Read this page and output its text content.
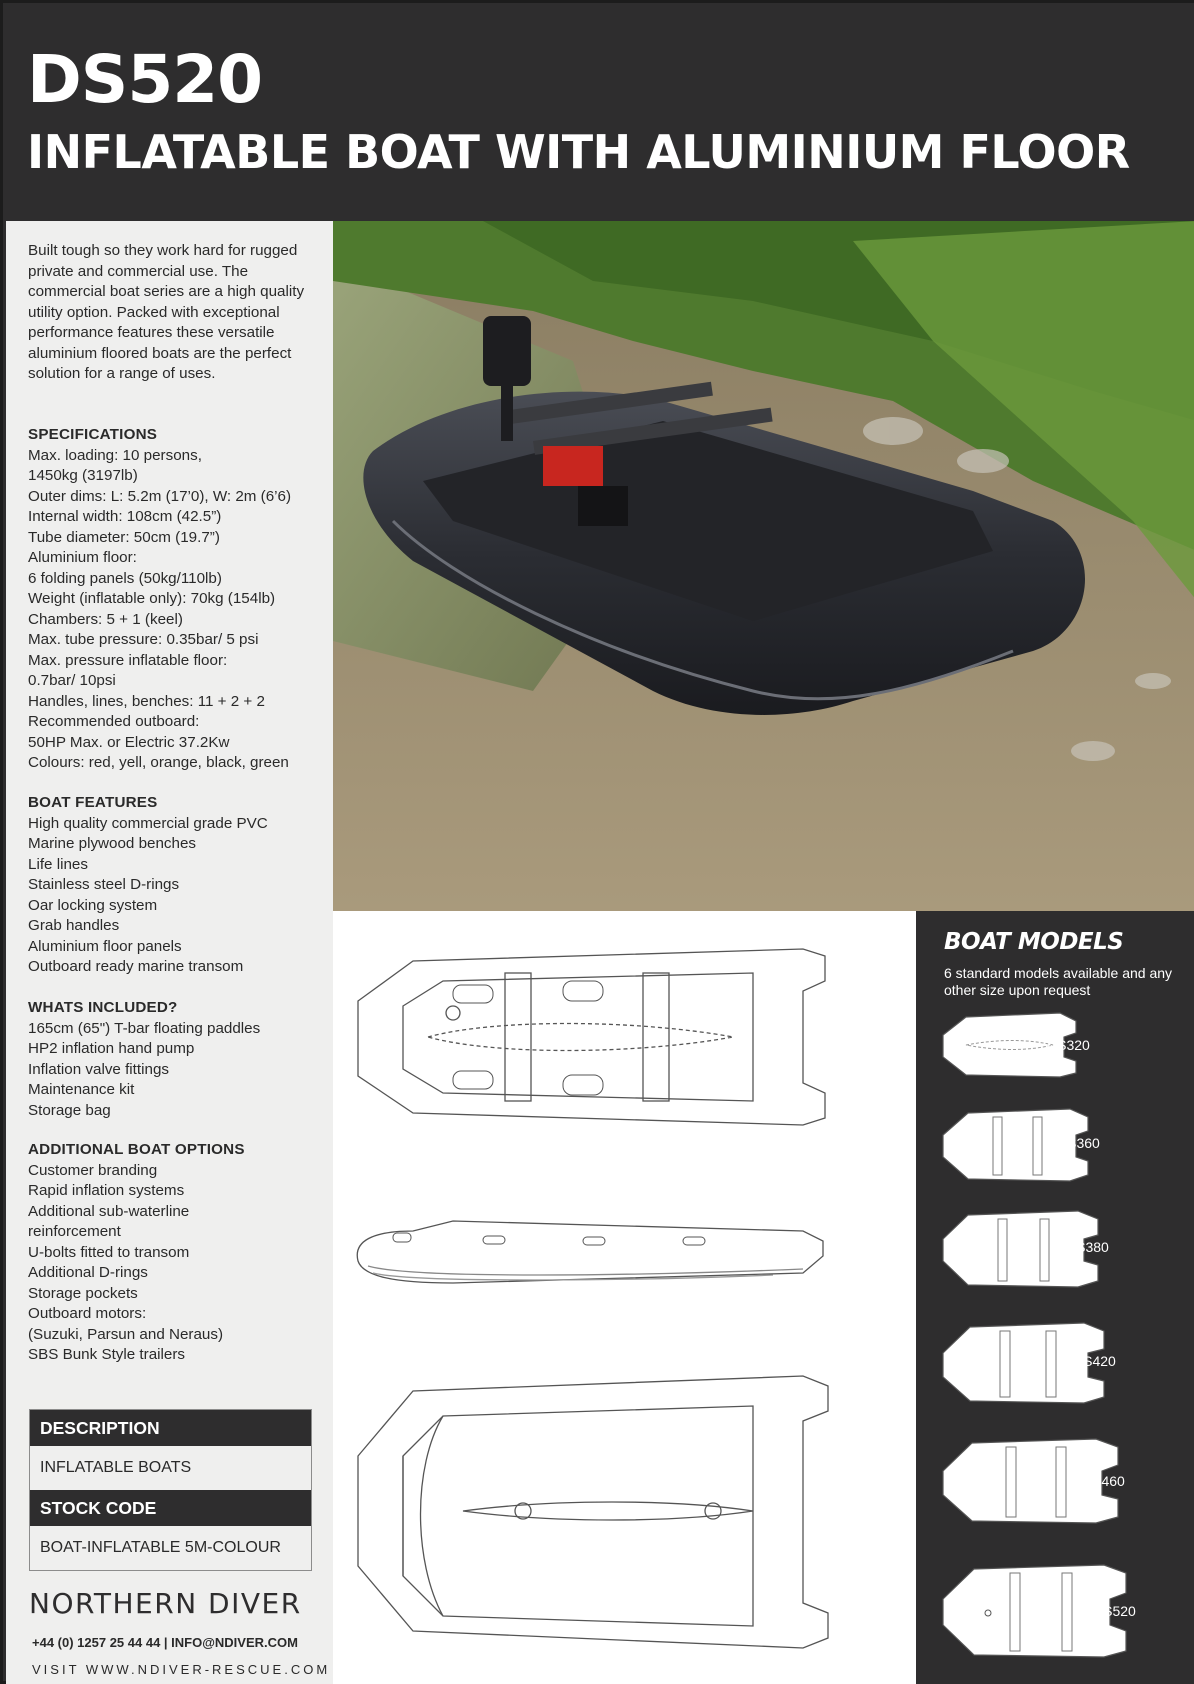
DS520
INFLATABLE BOAT WITH ALUMINIUM FLOOR
Built tough so they work hard for rugged private and commercial use. The commercial boat series are a high quality utility option. Packed with exceptional performance features these versatile aluminium floored boats are the perfect solution for a range of uses.
SPECIFICATIONS
Max. loading: 10 persons,
1450kg (3197lb)
Outer dims: L: 5.2m (17’0), W: 2m (6’6)
Internal width: 108cm (42.5”)
Tube diameter: 50cm (19.7”)
Aluminium floor:
6 folding panels (50kg/110lb)
Weight (inflatable only): 70kg (154lb)
Chambers: 5 + 1 (keel)
Max. tube pressure: 0.35bar/ 5 psi
Max. pressure inflatable floor:
0.7bar/ 10psi
Handles, lines, benches: 11 + 2 + 2
Recommended outboard:
50HP Max. or Electric 37.2Kw
Colours: red, yell, orange, black, green
BOAT FEATURES
High quality commercial grade PVC
Marine plywood benches
Life lines
Stainless steel D-rings
Oar locking system
Grab handles
Aluminium floor panels
Outboard ready marine transom
WHATS INCLUDED?
165cm (65") T-bar floating paddles
HP2 inflation hand pump
Inflation valve fittings
Maintenance kit
Storage bag
ADDITIONAL BOAT OPTIONS
Customer branding
Rapid inflation systems
Additional sub-waterline
reinforcement
U-bolts fitted to transom
Additional D-rings
Storage pockets
Outboard motors:
(Suzuki, Parsun and Neraus)
SBS Bunk Style trailers
DESCRIPTION
INFLATABLE BOATS
STOCK CODE
BOAT-INFLATABLE 5M-COLOUR
NORTHERN DIVER
+44 (0) 1257 25 44 44 | INFO@NDIVER.COM
VISIT WWW.NDIVER-RESCUE.COM
BOAT MODELS
6 standard models available and any other size upon request
DS320
DS360
DS380
DS420
DS460
DS520
